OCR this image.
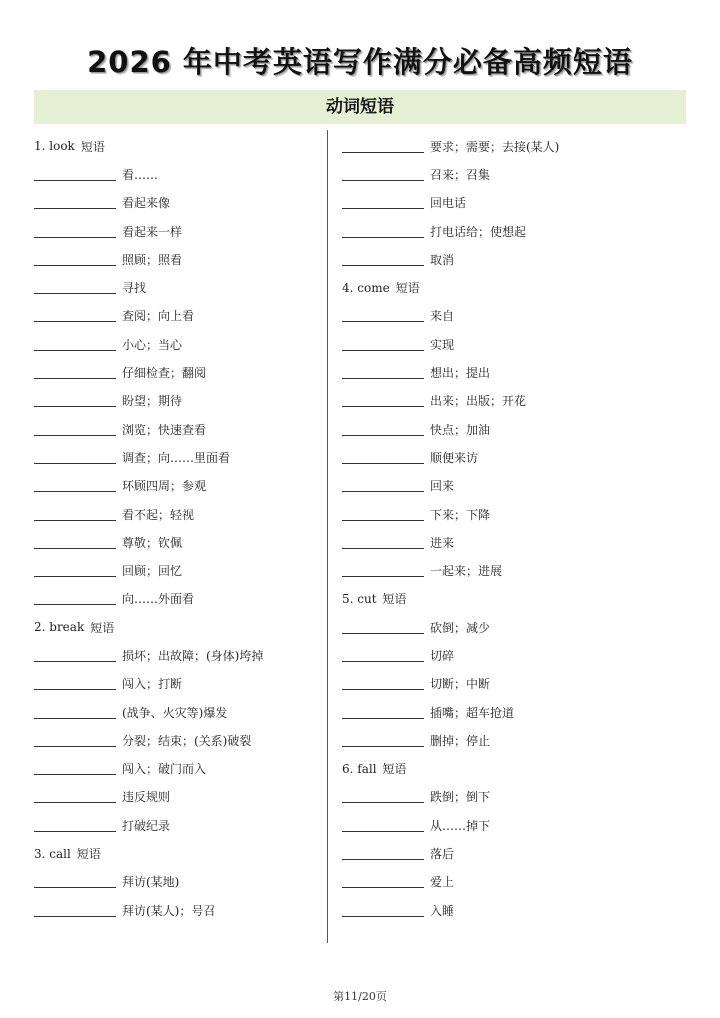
2026 年中考英语写作满分必备高频短语
动词短语
1. look 短语
看……
看起来像
看起来一样
照顾；照看
寻找
查阅；向上看
小心；当心
仔细检查；翻阅
盼望；期待
浏览；快速查看
调查；向……里面看
环顾四周；参观
看不起；轻视
尊敬；钦佩
回顾；回忆
向……外面看
2. break 短语
损坏；出故障；(身体)垮掉
闯入；打断
(战争、火灾等)爆发
分裂；结束；(关系)破裂
闯入；破门而入
违反规则
打破纪录
3. call 短语
拜访(某地)
拜访(某人)；号召
要求；需要；去接(某人)
召来；召集
回电话
打电话给；使想起
取消
4. come 短语
来自
实现
想出；提出
出来；出版；开花
快点；加油
顺便来访
回来
下来；下降
进来
一起来；进展
5. cut 短语
砍倒；减少
切碎
切断；中断
插嘴；超车抢道
删掉；停止
6. fall 短语
跌倒；倒下
从……掉下
落后
爱上
入睡
第11/20页
